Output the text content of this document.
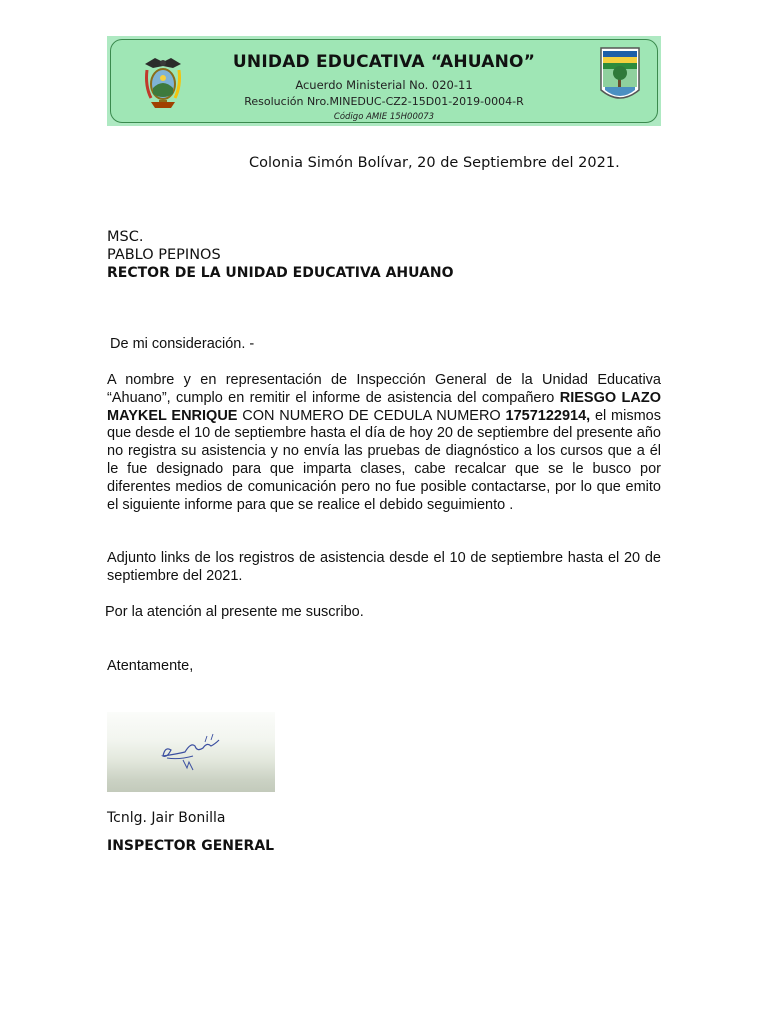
UNIDAD EDUCATIVA “AHUANO”
Acuerdo Ministerial No. 020-11
Resolución Nro.MINEDUC-CZ2-15D01-2019-0004-R
Código AMIE 15H00073
Colonia Simón Bolívar, 20 de Septiembre del 2021.
MSC.
PABLO PEPINOS
RECTOR DE LA UNIDAD EDUCATIVA AHUANO
De mi consideración. -

A nombre y en representación de Inspección General de la Unidad Educativa “Ahuano”, cumplo en remitir el informe de asistencia del compañero RIESGO LAZO MAYKEL ENRIQUE CON NUMERO DE CEDULA NUMERO 1757122914, el mismos que desde el 10 de septiembre hasta el día de hoy 20 de septiembre del presente año no registra su asistencia y no envía las pruebas de diagnóstico a los cursos que a él le fue designado para que imparta clases, cabe recalcar que se le busco por diferentes medios de comunicación pero no fue posible contactarse, por lo que emito el siguiente informe para que se realice el debido seguimiento .

Adjunto links de los registros de asistencia desde el 10 de septiembre hasta el 20 de septiembre del 2021.

Por la atención al presente me suscribo.

Atentamente,

Tcnlg. Jair Bonilla
INSPECTOR GENERAL
